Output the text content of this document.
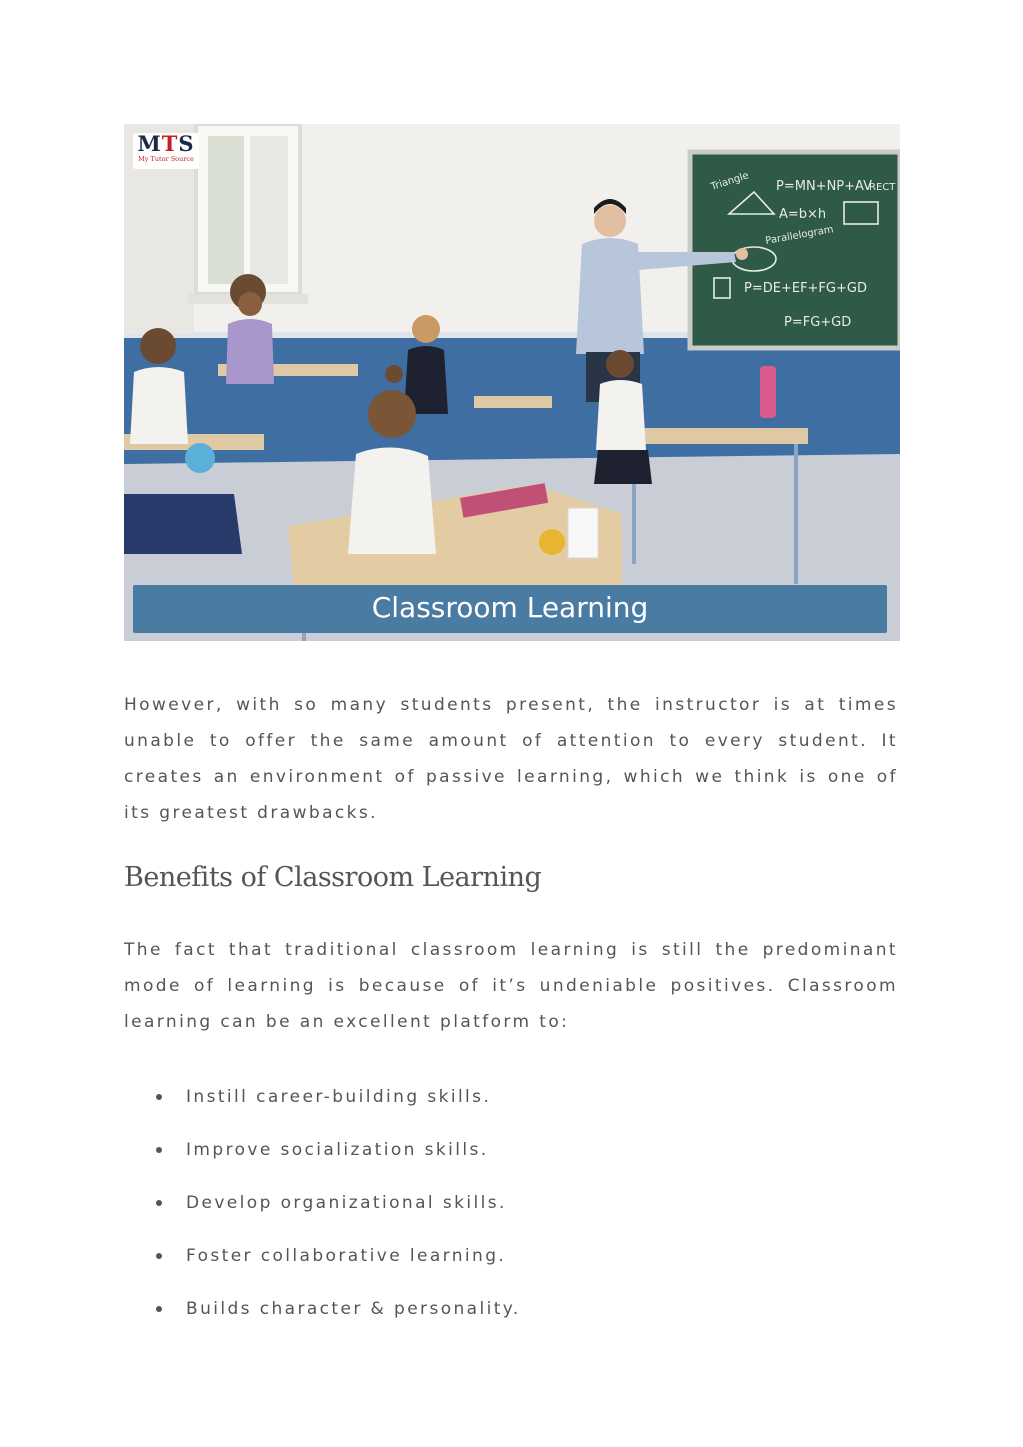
Triangle P=MN+NP+AV
RECT
A=b×h
Parallelogram
P=DE+EF+FG+GD
P=FG+GD
MTS
My Tutor Source
Classroom Learning

However, with so many students present, the instructor is at times unable to offer the same amount of attention to every student. It creates an environment of passive learning, which we think is one of its greatest drawbacks.

Benefits of Classroom Learning

The fact that traditional classroom learning is still the predominant mode of learning is because of it’s undeniable positives. Classroom learning can be an excellent platform to:

Instill career-building skills.
Improve socialization skills.
Develop organizational skills.
Foster collaborative learning.
Builds character & personality.
